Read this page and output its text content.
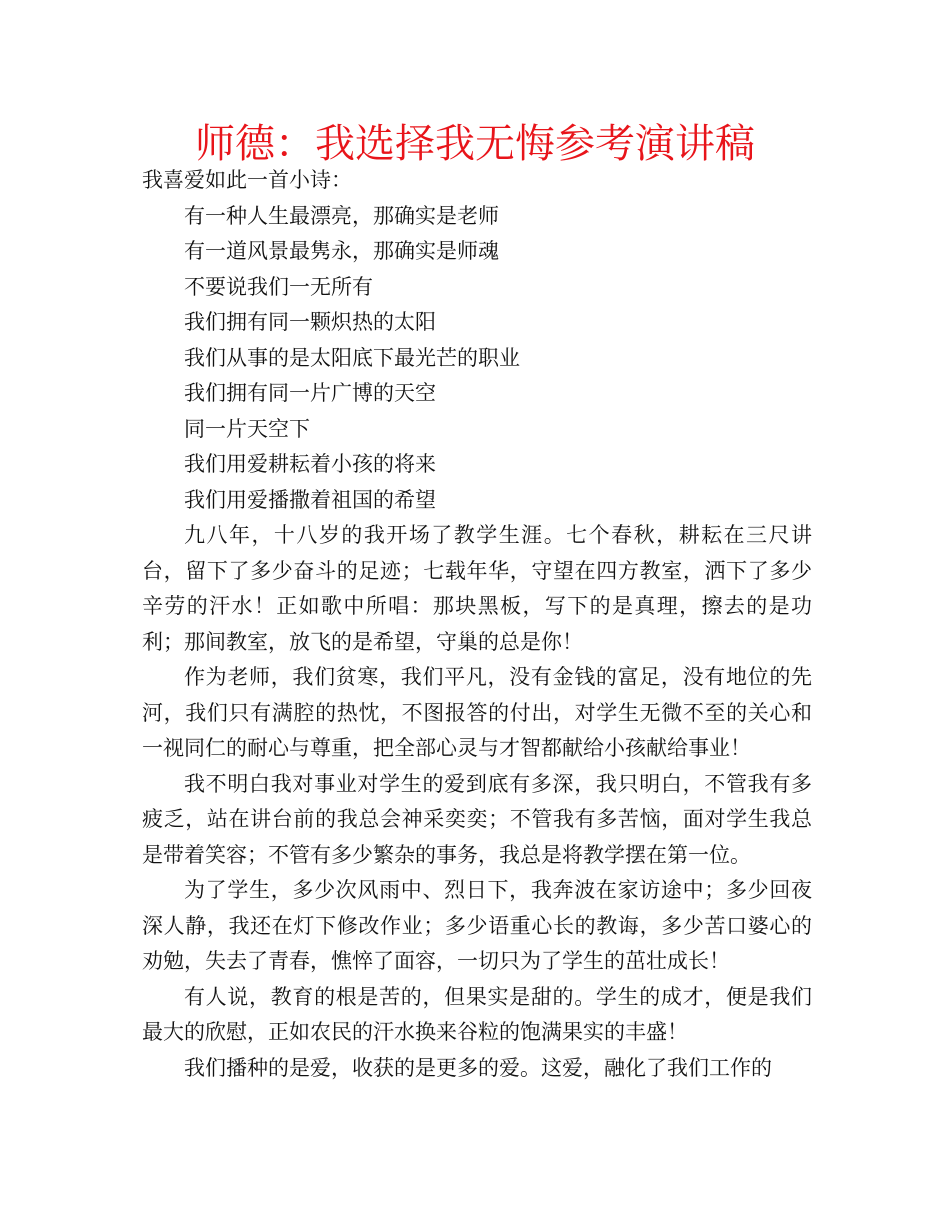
师德：我选择我无悔参考演讲稿

我喜爱如此一首小诗：

有一种人生最漂亮，那确实是老师

有一道风景最隽永，那确实是师魂

不要说我们一无所有

我们拥有同一颗炽热的太阳

我们从事的是太阳底下最光芒的职业

我们拥有同一片广博的天空

同一片天空下

我们用爱耕耘着小孩的将来

我们用爱播撒着祖国的希望

九八年，十八岁的我开场了教学生涯。七个春秋，耕耘在三尺讲台，留下了多少奋斗的足迹；七载年华，守望在四方教室，洒下了多少辛劳的汗水！正如歌中所唱：那块黑板，写下的是真理，擦去的是功利；那间教室，放飞的是希望，守巢的总是你！

作为老师，我们贫寒，我们平凡，没有金钱的富足，没有地位的先河，我们只有满腔的热忱，不图报答的付出，对学生无微不至的关心和一视同仁的耐心与尊重，把全部心灵与才智都献给小孩献给事业！

我不明白我对事业对学生的爱到底有多深，我只明白，不管我有多疲乏，站在讲台前的我总会神采奕奕；不管我有多苦恼，面对学生我总是带着笑容；不管有多少繁杂的事务，我总是将教学摆在第一位。

为了学生，多少次风雨中、烈日下，我奔波在家访途中；多少回夜深人静，我还在灯下修改作业；多少语重心长的教诲，多少苦口婆心的劝勉，失去了青春，憔悴了面容，一切只为了学生的茁壮成长！

有人说，教育的根是苦的，但果实是甜的。学生的成才，便是我们最大的欣慰，正如农民的汗水换来谷粒的饱满果实的丰盛！

我们播种的是爱，收获的是更多的爱。这爱，融化了我们工作的
